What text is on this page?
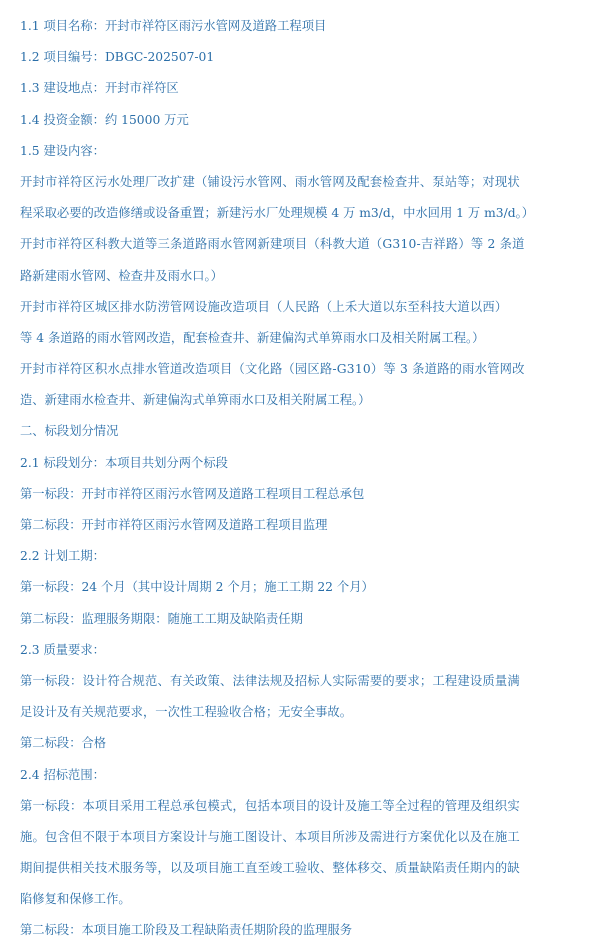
1.1 项目名称：开封市祥符区雨污水管网及道路工程项目
1.2 项目编号：DBGC-202507-01
1.3 建设地点：开封市祥符区
1.4 投资金额：约 15000 万元
1.5 建设内容：
开封市祥符区污水处理厂改扩建（铺设污水管网、雨水管网及配套检查井、泵站等；对现状
程采取必要的改造修缮或设备重置；新建污水厂处理规模 4 万 m3/d，中水回用 1 万 m3/d。）
开封市祥符区科教大道等三条道路雨水管网新建项目（科教大道（G310-吉祥路）等 2 条道
路新建雨水管网、检查井及雨水口。）
开封市祥符区城区排水防涝管网设施改造项目（人民路（上禾大道以东至科技大道以西）
等 4 条道路的雨水管网改造，配套检查井、新建偏沟式单箅雨水口及相关附属工程。）
开封市祥符区积水点排水管道改造项目（文化路（园区路-G310）等 3 条道路的雨水管网改
造、新建雨水检查井、新建偏沟式单箅雨水口及相关附属工程。）
二、标段划分情况
2.1 标段划分：本项目共划分两个标段
第一标段：开封市祥符区雨污水管网及道路工程项目工程总承包
第二标段：开封市祥符区雨污水管网及道路工程项目监理
2.2 计划工期：
第一标段：24 个月（其中设计周期 2 个月；施工工期 22 个月）
第二标段：监理服务期限：随施工工期及缺陷责任期
2.3 质量要求：
第一标段：设计符合规范、有关政策、法律法规及招标人实际需要的要求；工程建设质量满
足设计及有关规范要求，一次性工程验收合格；无安全事故。
第二标段：合格
2.4 招标范围：
第一标段：本项目采用工程总承包模式，包括本项目的设计及施工等全过程的管理及组织实
施。包含但不限于本项目方案设计与施工图设计、本项目所涉及需进行方案优化以及在施工
期间提供相关技术服务等，以及项目施工直至竣工验收、整体移交、质量缺陷责任期内的缺
陷修复和保修工作。
第二标段：本项目施工阶段及工程缺陷责任期阶段的监理服务
